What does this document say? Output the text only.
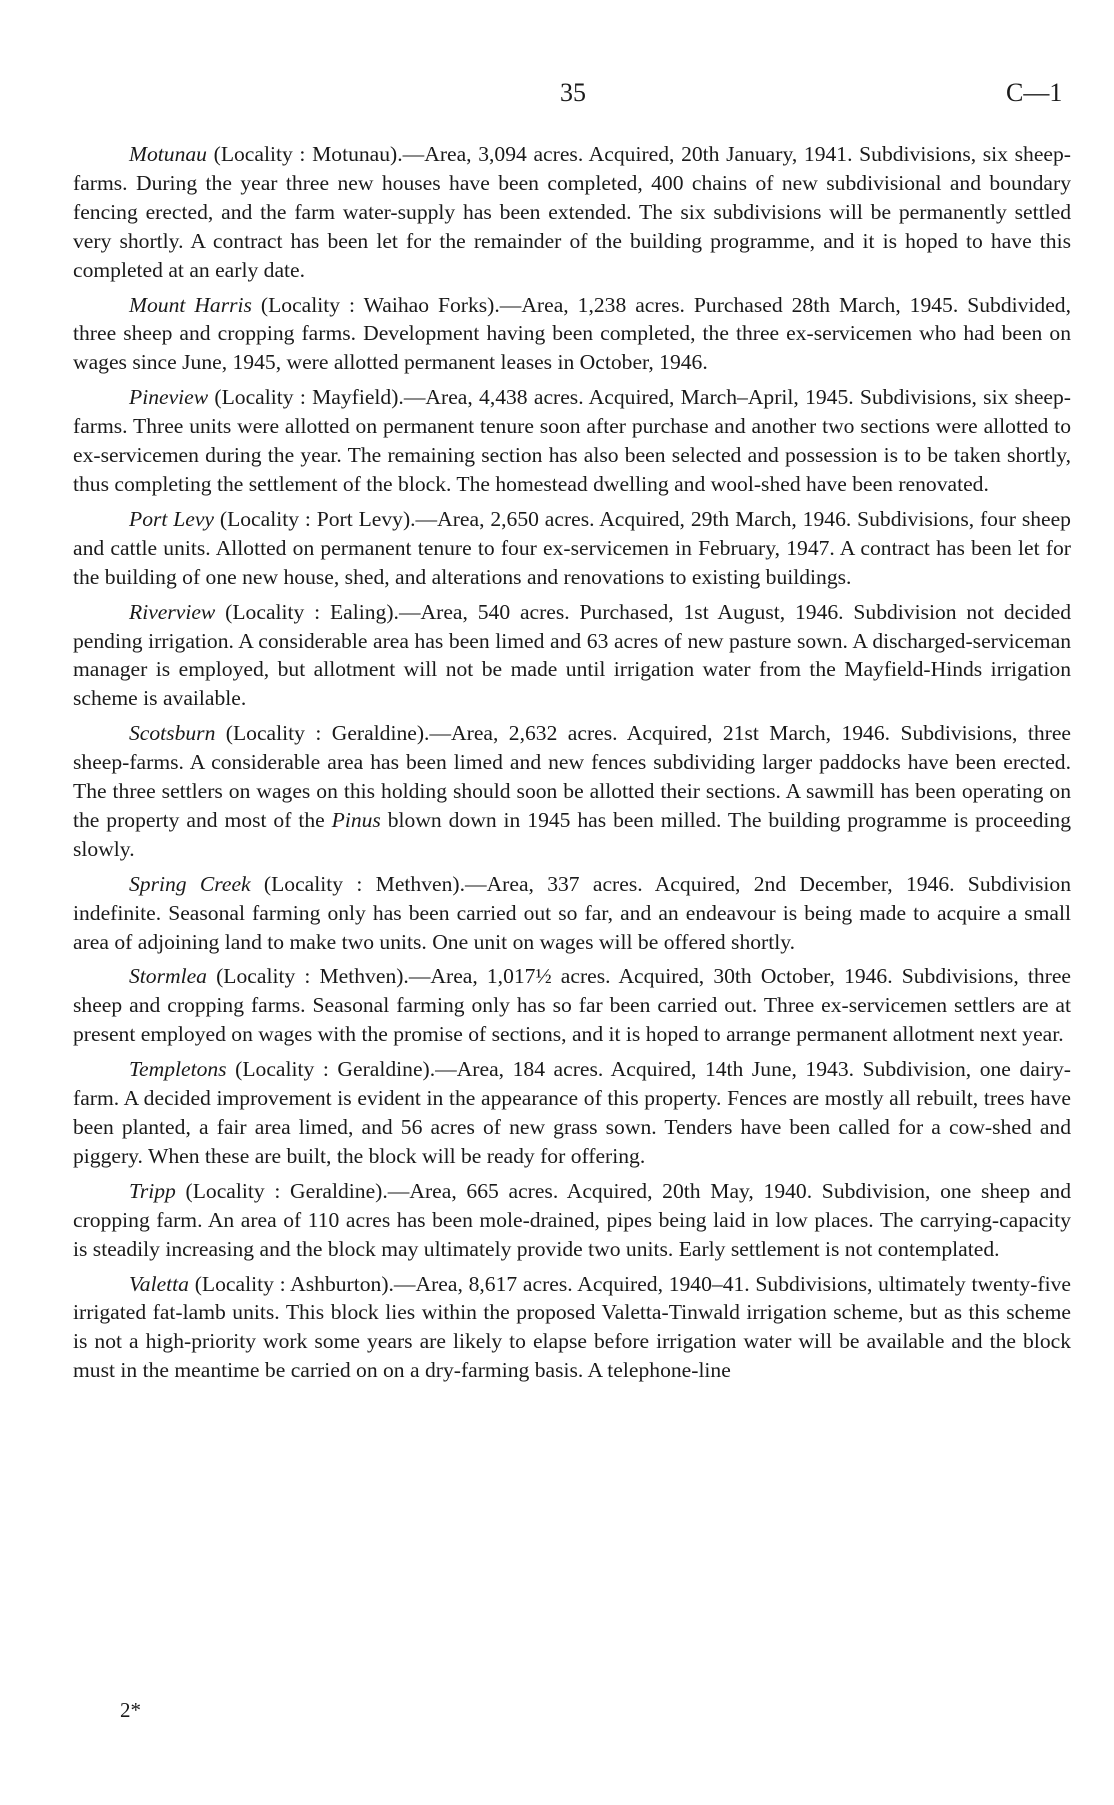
35	C—1

Motunau (Locality : Motunau).—Area, 3,094 acres. Acquired, 20th January, 1941. Subdivisions, six sheep-farms. During the year three new houses have been completed, 400 chains of new subdivisional and boundary fencing erected, and the farm water-supply has been extended. The six subdivisions will be permanently settled very shortly. A contract has been let for the remainder of the building programme, and it is hoped to have this completed at an early date.

Mount Harris (Locality : Waihao Forks).—Area, 1,238 acres. Purchased 28th March, 1945. Subdivided, three sheep and cropping farms. Development having been completed, the three ex-servicemen who had been on wages since June, 1945, were allotted permanent leases in October, 1946.

Pineview (Locality : Mayfield).—Area, 4,438 acres. Acquired, March–April, 1945. Subdivisions, six sheep-farms. Three units were allotted on permanent tenure soon after purchase and another two sections were allotted to ex-servicemen during the year. The remaining section has also been selected and possession is to be taken shortly, thus completing the settlement of the block. The homestead dwelling and wool-shed have been renovated.

Port Levy (Locality : Port Levy).—Area, 2,650 acres. Acquired, 29th March, 1946. Subdivisions, four sheep and cattle units. Allotted on permanent tenure to four ex-servicemen in February, 1947. A contract has been let for the building of one new house, shed, and alterations and renovations to existing buildings.

Riverview (Locality : Ealing).—Area, 540 acres. Purchased, 1st August, 1946. Subdivision not decided pending irrigation. A considerable area has been limed and 63 acres of new pasture sown. A discharged-serviceman manager is employed, but allotment will not be made until irrigation water from the Mayfield-Hinds irrigation scheme is available.

Scotsburn (Locality : Geraldine).—Area, 2,632 acres. Acquired, 21st March, 1946. Subdivisions, three sheep-farms. A considerable area has been limed and new fences subdividing larger paddocks have been erected. The three settlers on wages on this holding should soon be allotted their sections. A sawmill has been operating on the property and most of the Pinus blown down in 1945 has been milled. The building programme is proceeding slowly.

Spring Creek (Locality : Methven).—Area, 337 acres. Acquired, 2nd December, 1946. Subdivision indefinite. Seasonal farming only has been carried out so far, and an endeavour is being made to acquire a small area of adjoining land to make two units. One unit on wages will be offered shortly.

Stormlea (Locality : Methven).—Area, 1,017½ acres. Acquired, 30th October, 1946. Subdivisions, three sheep and cropping farms. Seasonal farming only has so far been carried out. Three ex-servicemen settlers are at present employed on wages with the promise of sections, and it is hoped to arrange permanent allotment next year.

Templetons (Locality : Geraldine).—Area, 184 acres. Acquired, 14th June, 1943. Subdivision, one dairy-farm. A decided improvement is evident in the appearance of this property. Fences are mostly all rebuilt, trees have been planted, a fair area limed, and 56 acres of new grass sown. Tenders have been called for a cow-shed and piggery. When these are built, the block will be ready for offering.

Tripp (Locality : Geraldine).—Area, 665 acres. Acquired, 20th May, 1940. Subdivision, one sheep and cropping farm. An area of 110 acres has been mole-drained, pipes being laid in low places. The carrying-capacity is steadily increasing and the block may ultimately provide two units. Early settlement is not contemplated.

Valetta (Locality : Ashburton).—Area, 8,617 acres. Acquired, 1940–41. Subdivisions, ultimately twenty-five irrigated fat-lamb units. This block lies within the proposed Valetta-Tinwald irrigation scheme, but as this scheme is not a high-priority work some years are likely to elapse before irrigation water will be available and the block must in the meantime be carried on on a dry-farming basis. A telephone-line

2*
